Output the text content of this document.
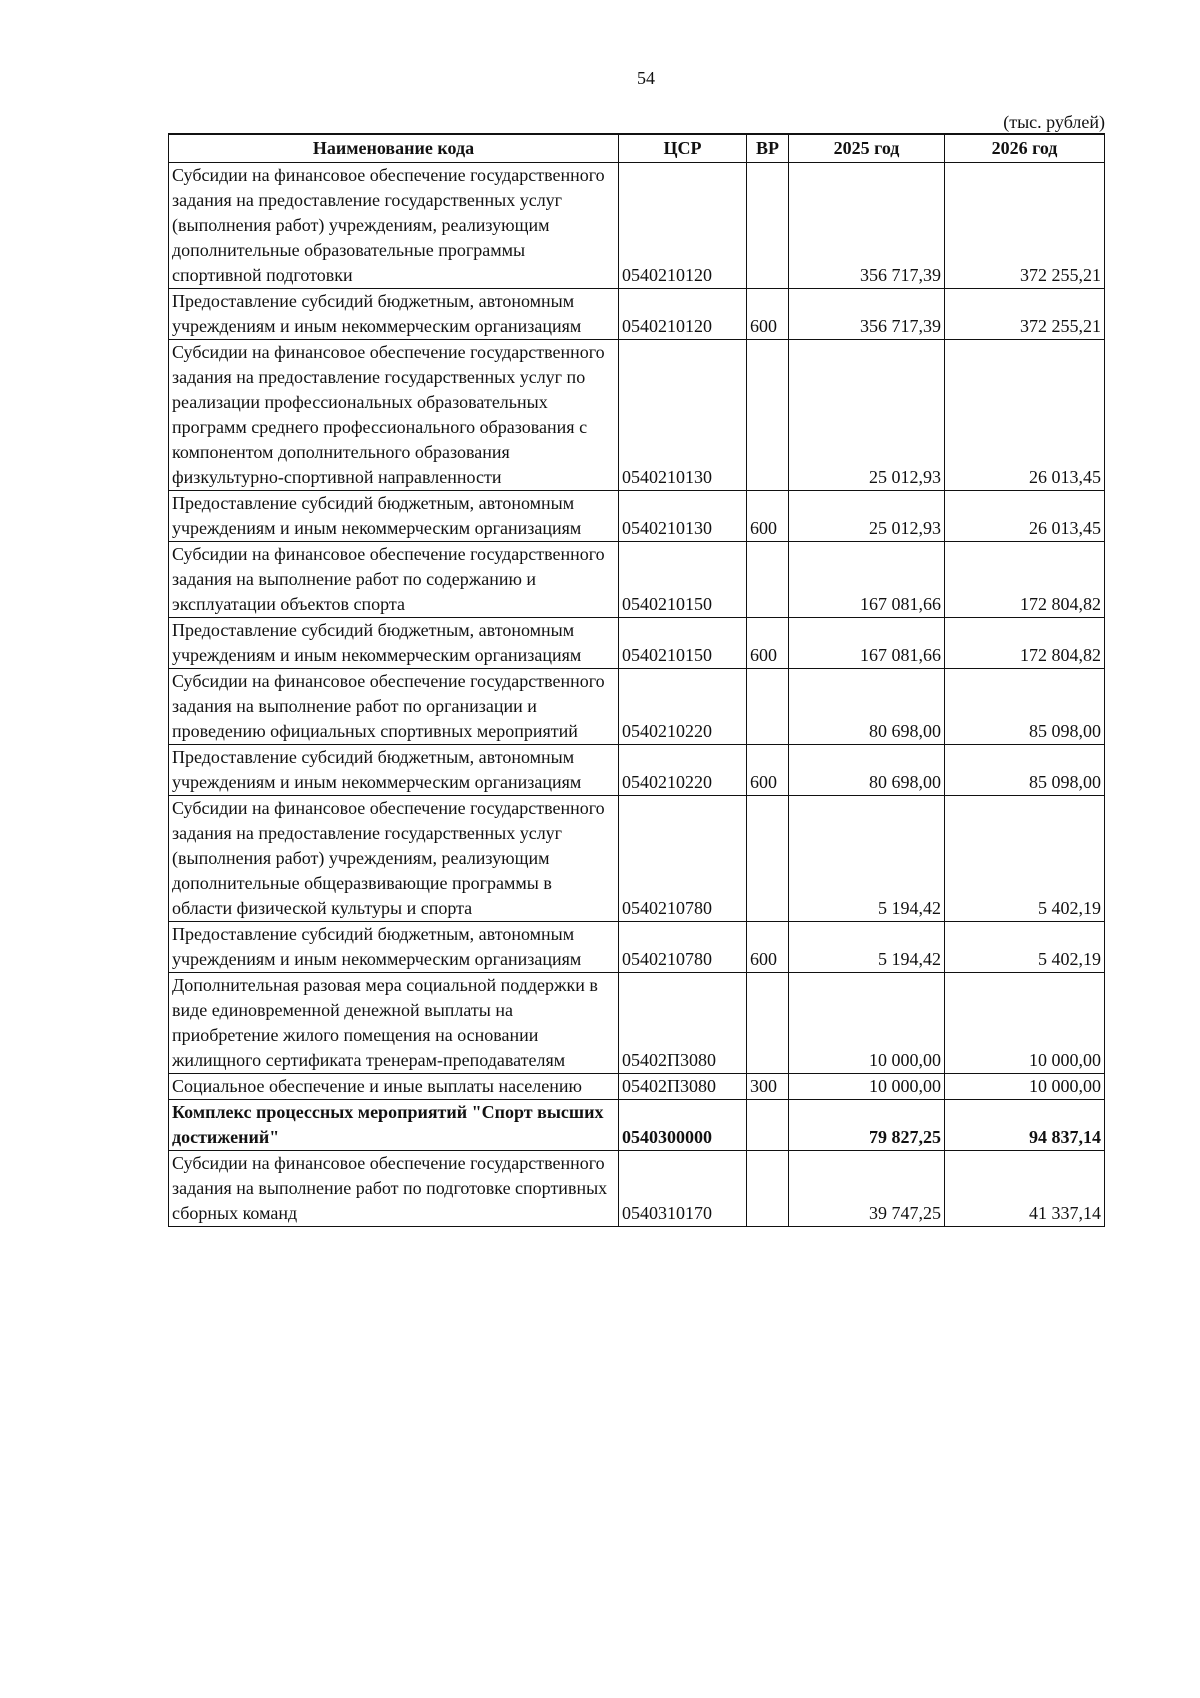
54
(тыс. рублей)
Наименование кода	ЦСР	ВР	2025 год	2026 год
Субсидии на финансовое обеспечение государственного задания на предоставление государственных услуг (выполнения работ) учреждениям, реализующим дополнительные образовательные программы спортивной подготовки	0540210120		356 717,39	372 255,21
Предоставление субсидий бюджетным, автономным учреждениям и иным некоммерческим организациям	0540210120	600	356 717,39	372 255,21
Субсидии на финансовое обеспечение государственного задания на предоставление государственных услуг по реализации профессиональных образовательных программ среднего профессионального образования с компонентом дополнительного образования физкультурно-спортивной направленности	0540210130		25 012,93	26 013,45
Предоставление субсидий бюджетным, автономным учреждениям и иным некоммерческим организациям	0540210130	600	25 012,93	26 013,45
Субсидии на финансовое обеспечение государственного задания на выполнение работ по содержанию и эксплуатации объектов спорта	0540210150		167 081,66	172 804,82
Предоставление субсидий бюджетным, автономным учреждениям и иным некоммерческим организациям	0540210150	600	167 081,66	172 804,82
Субсидии на финансовое обеспечение государственного задания на выполнение работ по организации и проведению официальных спортивных мероприятий	0540210220		80 698,00	85 098,00
Предоставление субсидий бюджетным, автономным учреждениям и иным некоммерческим организациям	0540210220	600	80 698,00	85 098,00
Субсидии на финансовое обеспечение государственного задания на предоставление государственных услуг (выполнения работ) учреждениям, реализующим дополнительные общеразвивающие программы в области физической культуры и спорта	0540210780		5 194,42	5 402,19
Предоставление субсидий бюджетным, автономным учреждениям и иным некоммерческим организациям	0540210780	600	5 194,42	5 402,19
Дополнительная разовая мера социальной поддержки в виде единовременной денежной выплаты на приобретение жилого помещения на основании жилищного сертификата тренерам-преподавателям	05402П3080		10 000,00	10 000,00
Социальное обеспечение и иные выплаты населению	05402П3080	300	10 000,00	10 000,00
Комплекс процессных мероприятий "Спорт высших достижений"	0540300000		79 827,25	94 837,14
Субсидии на финансовое обеспечение государственного задания на выполнение работ по подготовке спортивных сборных команд	0540310170		39 747,25	41 337,14
